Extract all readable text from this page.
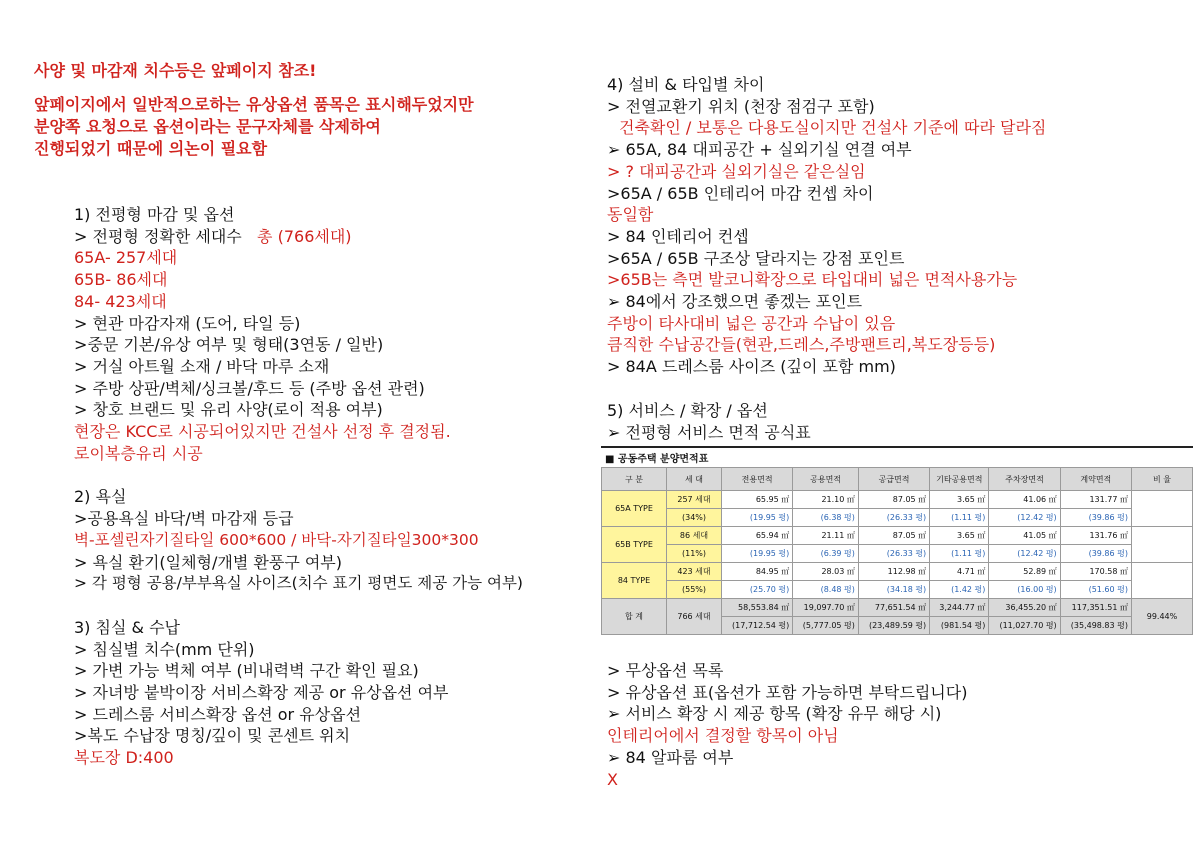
사양 및 마감재 치수등은 앞페이지 참조!
앞페이지에서 일반적으로하는 유상옵션 품목은 표시해두었지만
분양쪽 요청으로 옵션이라는 문구자체를 삭제하여
진행되었기 때문에 의논이 필요함
1) 전평형 마감 및 옵션
> 전평형 정확한 세대수 총 (766세대)
65A- 257세대
65B- 86세대
84- 423세대
> 현관 마감자재 (도어, 타일 등)
>중문 기본/유상 여부 및 형태(3연동 / 일반)
> 거실 아트월 소재 / 바닥 마루 소재
> 주방 상판/벽체/싱크볼/후드 등 (주방 옵션 관련)
> 창호 브랜드 및 유리 사양(로이 적용 여부)
현장은 KCC로 시공되어있지만 건설사 선정 후 결정됨.
로이복층유리 시공
2) 욕실
>공용욕실 바닥/벽 마감재 등급
벽-포셀린자기질타일 600*600 / 바닥-자기질타일300*300
> 욕실 환기(일체형/개별 환풍구 여부)
> 각 평형 공용/부부욕실 사이즈(치수 표기 평면도 제공 가능 여부)
3) 침실 & 수납
> 침실별 치수(mm 단위)
> 가변 가능 벽체 여부 (비내력벽 구간 확인 필요)
> 자녀방 붙박이장 서비스확장 제공 or 유상옵션 여부
> 드레스룸 서비스확장 옵션 or 유상옵션
>복도 수납장 명칭/깊이 및 콘센트 위치
복도장 D:400
4) 설비 & 타입별 차이
> 전열교환기 위치 (천장 점검구 포함)
건축확인 / 보통은 다용도실이지만 건설사 기준에 따라 달라짐
➢ 65A, 84 대피공간 + 실외기실 연결 여부
> ? 대피공간과 실외기실은 같은실임
>65A / 65B 인테리어 마감 컨셉 차이
동일함
> 84 인테리어 컨셉
>65A / 65B 구조상 달라지는 강점 포인트
>65B는 측면 발코니확장으로 타입대비 넓은 면적사용가능
➢ 84에서 강조했으면 좋겠는 포인트
주방이 타사대비 넓은 공간과 수납이 있음
큼직한 수납공간들(현관,드레스,주방팬트리,복도장등등)
> 84A 드레스룸 사이즈 (깊이 포함 mm)
5) 서비스 / 확장 / 옵션
➢ 전평형 서비스 면적 공식표
■ 공동주택 분양면적표
구 분	세 대	전용면적	공용면적	공급면적	기타공용면적	주차장면적	계약면적	비 율
65A TYPE	257 세대	65.95 ㎡	21.10 ㎡	87.05 ㎡	3.65 ㎡	41.06 ㎡	131.77 ㎡	
	(34%)	(19.95 평)	(6.38 평)	(26.33 평)	(1.11 평)	(12.42 평)	(39.86 평)	
65B TYPE	86 세대	65.94 ㎡	21.11 ㎡	87.05 ㎡	3.65 ㎡	41.05 ㎡	131.76 ㎡	
	(11%)	(19.95 평)	(6.39 평)	(26.33 평)	(1.11 평)	(12.42 평)	(39.86 평)	
84 TYPE	423 세대	84.95 ㎡	28.03 ㎡	112.98 ㎡	4.71 ㎡	52.89 ㎡	170.58 ㎡	
	(55%)	(25.70 평)	(8.48 평)	(34.18 평)	(1.42 평)	(16.00 평)	(51.60 평)	
합 계	766 세대	58,553.84 ㎡	19,097.70 ㎡	77,651.54 ㎡	3,244.77 ㎡	36,455.20 ㎡	117,351.51 ㎡	99.44%
		(17,712.54 평)	(5,777.05 평)	(23,489.59 평)	(981.54 평)	(11,027.70 평)	(35,498.83 평)	
> 무상옵션 목록
> 유상옵션 표(옵션가 포함 가능하면 부탁드립니다)
➢ 서비스 확장 시 제공 항목 (확장 유무 해당 시)
인테리어에서 결정할 항목이 아님
➢ 84 알파룸 여부
X
